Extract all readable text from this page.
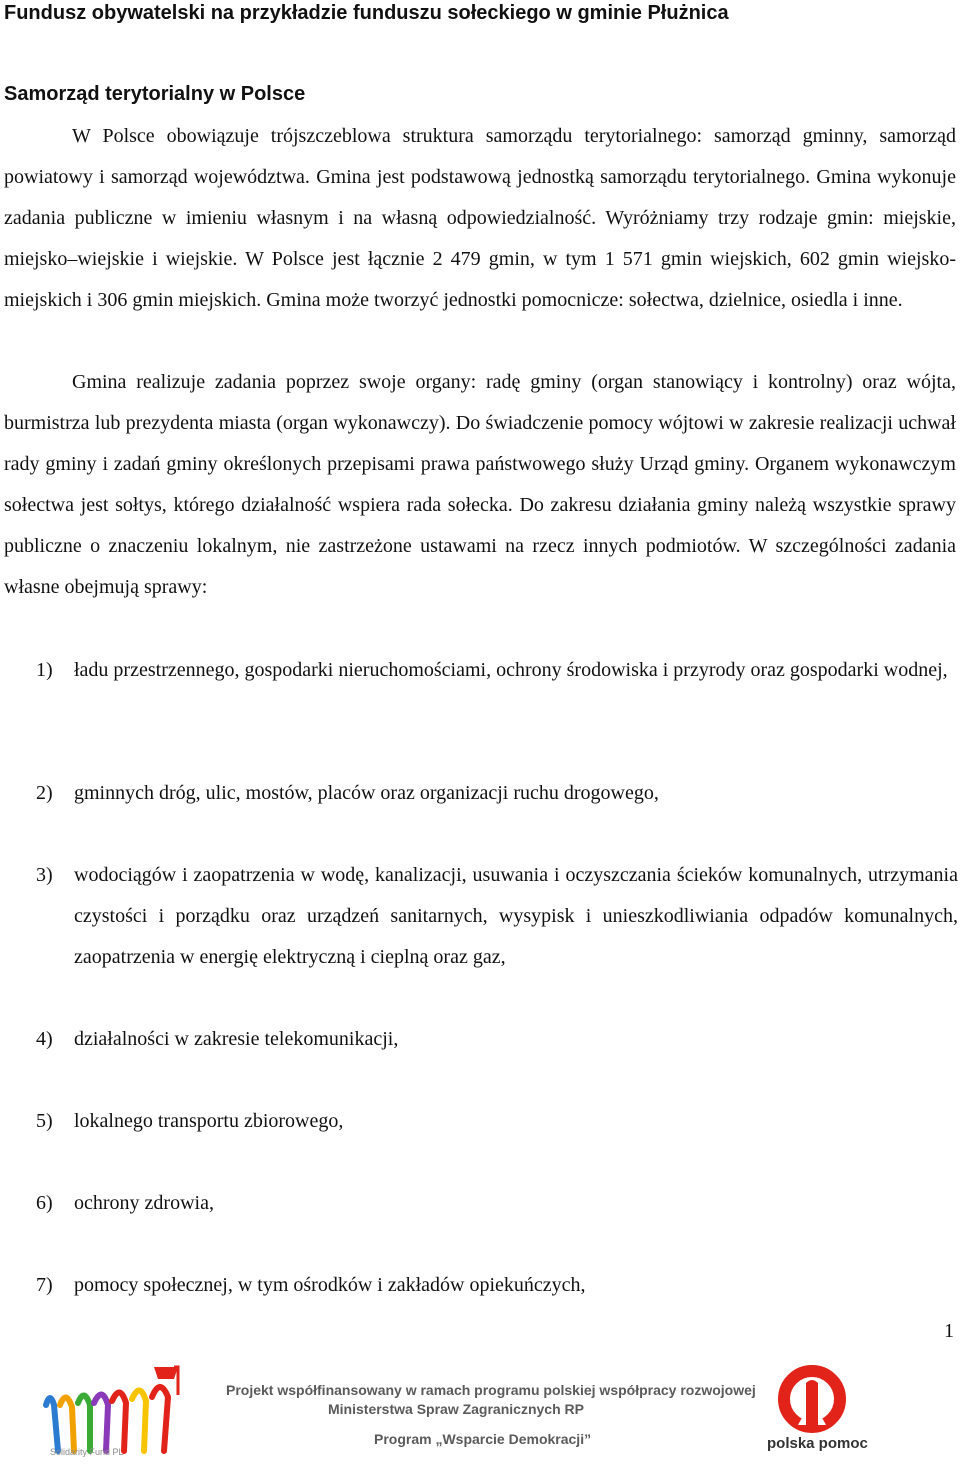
Fundusz obywatelski na przykładzie funduszu sołeckiego w gminie Płużnica
Samorząd terytorialny w Polsce
W Polsce obowiązuje trójszczeblowa struktura samorządu terytorialnego: samorząd gminny, samorząd powiatowy i samorząd województwa. Gmina jest podstawową jednostką samorządu terytorialnego. Gmina wykonuje zadania publiczne w imieniu własnym i na własną odpowiedzialność. Wyróżniamy trzy rodzaje gmin: miejskie, miejsko–wiejskie i wiejskie. W Polsce jest łącznie 2 479 gmin, w tym 1 571 gmin wiejskich, 602 gmin wiejsko-miejskich i 306 gmin miejskich. Gmina może tworzyć jednostki pomocnicze: sołectwa, dzielnice, osiedla i inne.
Gmina realizuje zadania poprzez swoje organy: radę gminy (organ stanowiący i kontrolny) oraz wójta, burmistrza lub prezydenta miasta (organ wykonawczy). Do świadczenie pomocy wójtowi w zakresie realizacji uchwał rady gminy i zadań gminy określonych przepisami prawa państwowego służy Urząd gminy. Organem wykonawczym sołectwa jest sołtys, którego działalność wspiera rada sołecka. Do zakresu działania gminy należą wszystkie sprawy publiczne o znaczeniu lokalnym, nie zastrzeżone ustawami na rzecz innych podmiotów. W szczególności zadania własne obejmują sprawy:
1)	ładu przestrzennego, gospodarki nieruchomościami, ochrony środowiska i przyrody oraz gospodarki wodnej,
2)	gminnych dróg, ulic, mostów, placów oraz organizacji ruchu drogowego,
3)	wodociągów i zaopatrzenia w wodę, kanalizacji, usuwania i oczyszczania ścieków komunalnych, utrzymania czystości i porządku oraz urządzeń sanitarnych, wysypisk i unieszkodliwiania odpadów komunalnych, zaopatrzenia w energię elektryczną i cieplną oraz gaz,
4)	działalności w zakresie telekomunikacji,
5)	lokalnego transportu zbiorowego,
6)	ochrony zdrowia,
7)	pomocy społecznej, w tym ośrodków i zakładów opiekuńczych,
1
Solidarity Fund PL
Projekt współfinansowany w ramach programu polskiej współpracy rozwojowej
Ministerstwa Spraw Zagranicznych RP
Program „Wsparcie Demokracji”	polska pomoc
